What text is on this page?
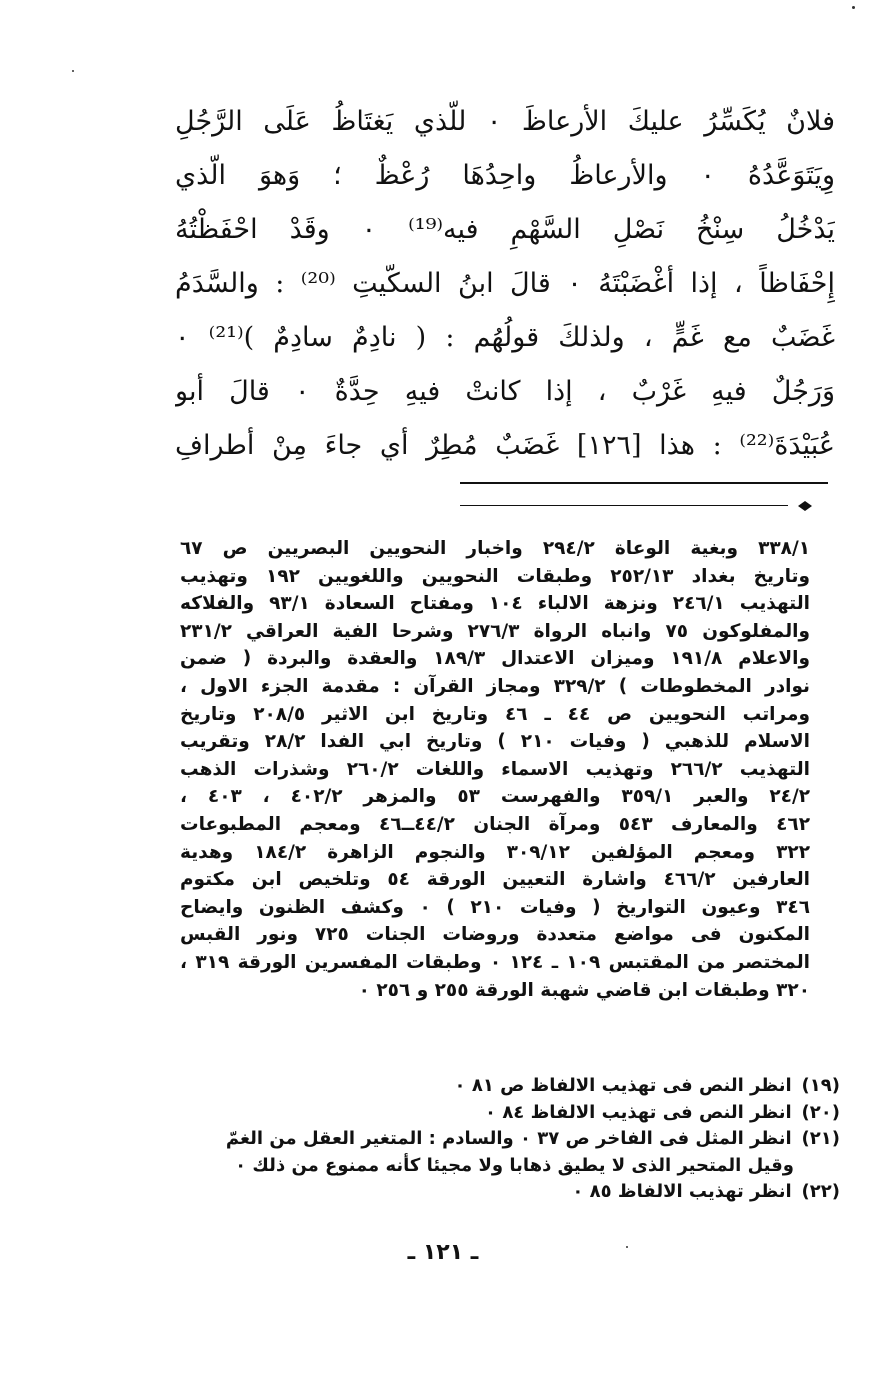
فلانٌ يُكَسِّرُ عليكَ الأرعاظَ ٠ للّذي يَغتَاظُ عَلَى الرَّجُلِ
وِيَتَوَعَّدُهُ ٠ والأرعاظُ واحِدُهَا رُعْظٌ ؛ وَهوَ الّذي
يَدْخُلُ سِنْخُ نَصْلِ السَّهْمِ فيه⁽¹⁹⁾ ٠ وقَدْ احْفَظْتُهُ
إِحْفَاظاً ، إذا أغْضَبْتَهُ ٠ قالَ ابنُ السكّيتِ ⁽²⁰⁾ : والسَّدَمُ
غَضَبٌ مع غَمٍّ ، ولذلكَ قولُهُم : ( نادِمٌ سادِمٌ )⁽²¹⁾ ٠
وَرَجُلٌ فيهِ غَرْبٌ ، إذا كانتْ فيهِ حِدَّةٌ ٠ قالَ أبو
عُبَيْدَةَ⁽²²⁾ : هذا [١٢٦] غَضَبٌ مُطِرٌ أي جاءَ مِنْ أطرافِ
٣٣٨/١ وبغية الوعاة ٢٩٤/٢ واخبار النحويين البصريين ص ٦٧
وتاريخ بغداد ٢٥٢/١٣ وطبقات النحويين واللغويين ١٩٢ وتهذيب
التهذيب ٢٤٦/١ ونزهة الالباء ١٠٤ ومفتاح السعادة ٩٣/١ والفلاكه
والمفلوكون ٧٥ وانباه الرواة ٢٧٦/٣ وشرحا الفية العراقي ٢٣١/٢
والاعلام ١٩١/٨ وميزان الاعتدال ١٨٩/٣ والعقدة والبردة ( ضمن
نوادر المخطوطات ) ٣٢٩/٢ ومجاز القرآن : مقدمة الجزء الاول ،
ومراتب النحويين ص ٤٤ ـ ٤٦ وتاريخ ابن الاثير ٢٠٨/٥ وتاريخ
الاسلام للذهبي ( وفيات ٢١٠ ) وتاريخ ابي الفدا ٢٨/٢ وتقريب
التهذيب ٢٦٦/٢ وتهذيب الاسماء واللغات ٢٦٠/٢ وشذرات الذهب
٢٤/٢ والعبر ٣٥٩/١ والفهرست ٥٣ والمزهر ٤٠٢/٢ ، ٤٠٣ ،
٤٦٢ والمعارف ٥٤٣ ومرآة الجنان ٤٤/٢ــ٤٦ ومعجم المطبوعات
٣٢٢ ومعجم المؤلفين ٣٠٩/١٢ والنجوم الزاهرة ١٨٤/٢ وهدية
العارفين ٤٦٦/٢ واشارة التعيين الورقة ٥٤ وتلخيص ابن مكتوم
٣٤٦ وعيون التواريخ ( وفيات ٢١٠ ) ٠ وكشف الظنون وايضاح
المكنون فى مواضع متعددة وروضات الجنات ٧٢٥ ونور القبس
المختصر من المقتبس ١٠٩ ـ ١٢٤ ٠ وطبقات المفسرين الورقة ٣١٩ ،
٣٢٠ وطبقات ابن قاضي شهبة الورقة ٢٥٥ و ٢٥٦ ٠
(١٩) انظر النص فى تهذيب الالفاظ ص ٨١ ٠
(٢٠) انظر النص فى تهذيب الالفاظ ٨٤ ٠
(٢١) انظر المثل فى الفاخر ص ٣٧ ٠ والسادم : المتغير العقل من الغمّ
وقيل المتحير الذى لا يطيق ذهابا ولا مجيئا كأنه ممنوع من ذلك ٠
(٢٢) انظر تهذيب الالفاظ ٨٥ ٠
ـ ١٢١ ـ
